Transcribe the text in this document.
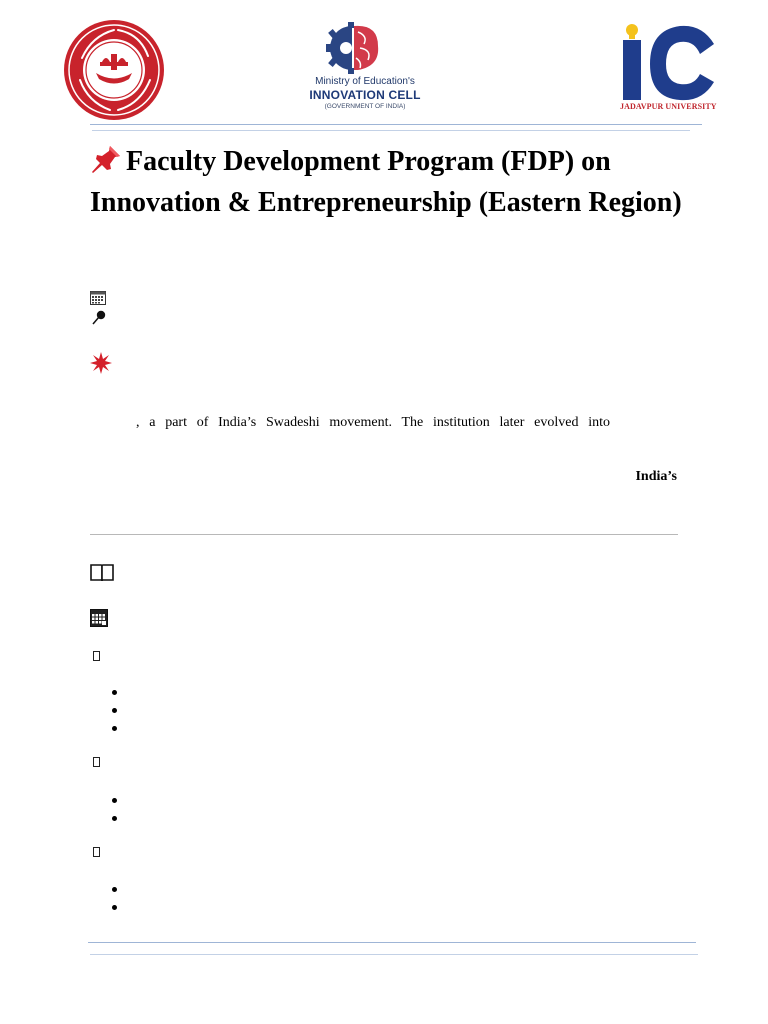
Ministry of Education's
INNOVATION CELL
(GOVERNMENT OF INDIA)	JADAVPUR UNIVERSITY
Faculty Development Program (FDP) on Innovation & Entrepreneurship (Eastern Region)
, a part of India’s Swadeshi movement. The institution later evolved into
India’s
